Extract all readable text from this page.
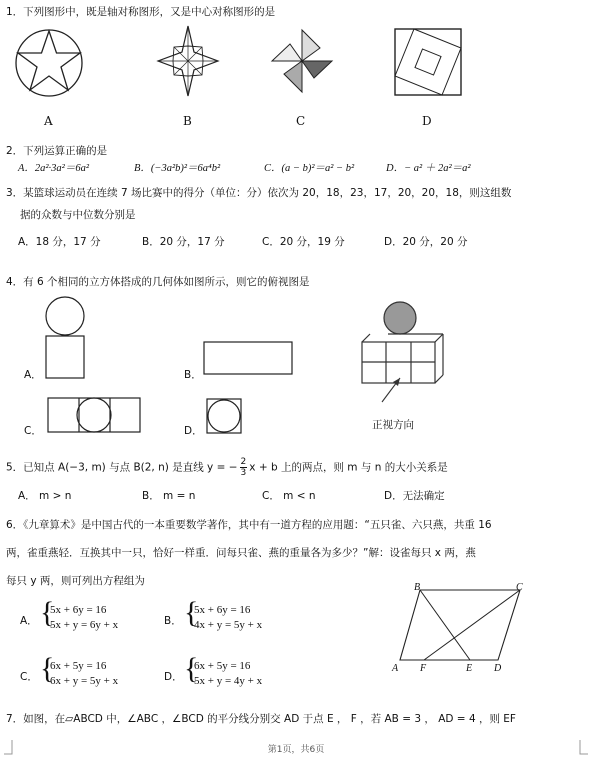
1．下列图形中，既是轴对称图形，又是中心对称图形的是
A	B	C	D
2．下列运算正确的是
A．2a²·3a²＝6a²	B．(−3a²b)²＝6a⁴b²	C．(a − b)²＝a² − b²	D．− a² ＋ 2a²＝a²
3．某篮球运动员在连续 7 场比赛中的得分（单位：分）依次为 20，18，23，17，20，20，18，则这组数
据的众数与中位数分别是
A．18 分，17 分	B．20 分，17 分	C．20 分，19 分	D．20 分，20 分
4．有 6 个相同的立方体搭成的几何体如图所示，则它的俯视图是
A．	B．
C．	D．	正视方向
5．已知点 A(−3, m) 与点 B(2, n) 是直线 y = − $\frac{2}{3}$ x + b 上的两点，则 m 与 n 的大小关系是
A． m > n	B． m = n	C． m < n	D．无法确定
6．《九章算术》是中国古代的一本重要数学著作，其中有一道方程的应用题：“五只雀、六只燕，共重 16
两，雀重燕轻．互换其中一只，恰好一样重．问每只雀、燕的重量各为多少？”解：设雀每只 x 两，燕
每只 y 两，则可列出方程组为
A． {
5x + 6y = 16
5x + y = 6y + x	B． {
5x + 6y = 16
4x + y = 5y + x
C． {
6x + 5y = 16
6x + y = 5y + x	D． {
6x + 5y = 16
5x + y = 4y + x
B	C
A F	E D
7．如图，在▱ABCD 中，∠ABC ，∠BCD 的平分线分别交 AD 于点 E ， F ，若 AB = 3 ， AD = 4 ，则 EF
第1页，共6页
